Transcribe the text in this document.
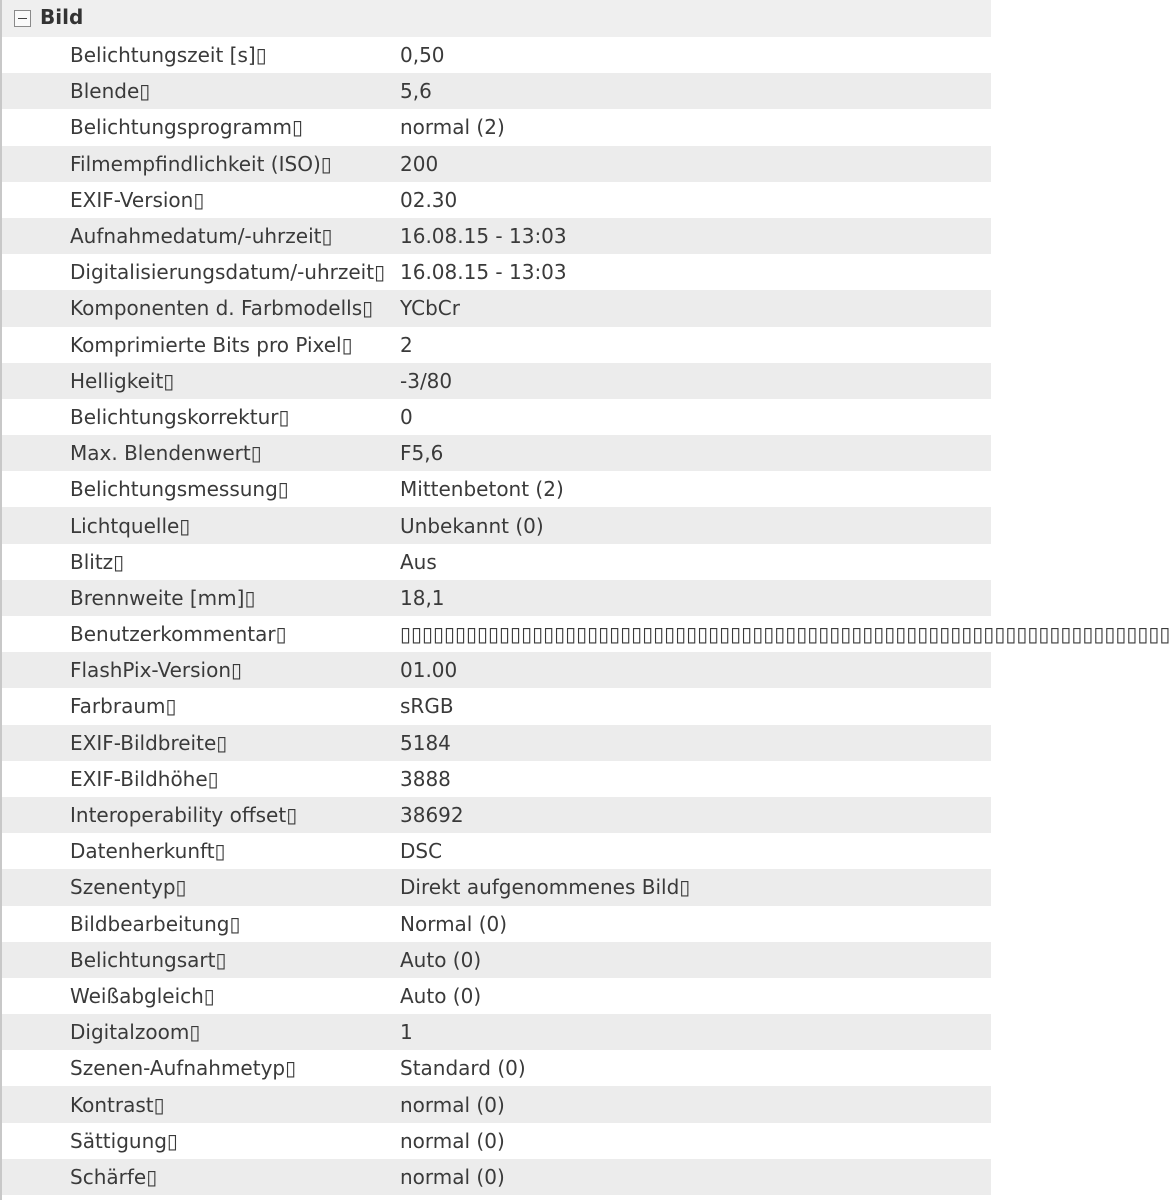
Bild
Belichtungszeit [s]▯	0,50
Blende▯	5,6
Belichtungsprogramm▯	normal (2)
Filmempfindlichkeit (ISO)▯	200
EXIF-Version▯	02.30
Aufnahmedatum/-uhrzeit▯	16.08.15 - 13:03
Digitalisierungsdatum/-uhrzeit▯ 16.08.15 - 13:03
Komponenten d. Farbmodells▯	YCbCr
Komprimierte Bits pro Pixel▯	2
Helligkeit▯	-3/80
Belichtungskorrektur▯	0
Max. Blendenwert▯	F5,6
Belichtungsmessung▯	Mittenbetont (2)
Lichtquelle▯	Unbekannt (0)
Blitz▯	Aus
Brennweite [mm]▯	18,1
Benutzerkommentar▯	▯▯▯▯▯▯▯▯▯▯▯▯▯▯▯▯▯▯▯▯▯▯▯▯▯▯▯▯▯▯▯▯▯▯▯▯▯▯▯▯▯▯▯▯▯▯▯▯▯▯▯▯▯▯▯▯▯▯▯▯▯▯▯▯▯▯▯▯▯▯
FlashPix-Version▯	01.00
Farbraum▯	sRGB
EXIF-Bildbreite▯	5184
EXIF-Bildhöhe▯	3888
Interoperability offset▯	38692
Datenherkunft▯	DSC
Szenentyp▯	Direkt aufgenommenes Bild▯
Bildbearbeitung▯	Normal (0)
Belichtungsart▯	Auto (0)
Weißabgleich▯	Auto (0)
Digitalzoom▯	1
Szenen-Aufnahmetyp▯	Standard (0)
Kontrast▯	normal (0)
Sättigung▯	normal (0)
Schärfe▯	normal (0)
